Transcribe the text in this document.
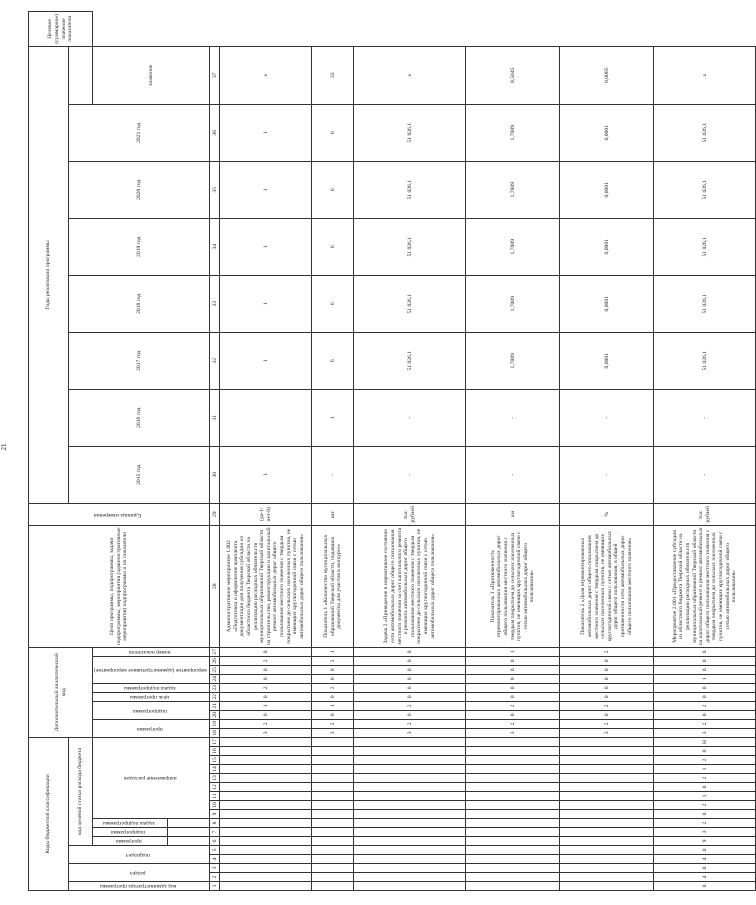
21
Коды бюджетной классификации																	Дополнительный аналитический код										Цели программы, подпрограммы, задачи подпрограммы, мероприятия (административные мероприятия) подпрограммы и их показатели	Единица измерения	Годы реализации программы								Целевое (суммарное) значение показателя
код администратора программы	раздел		подраздел		код целевой статьи расхода бюджета																								2015 год	2016 год	2017 год	2018 год	2019 год	2020 год	2021 год		
					программа	подпрограмма	задача подпрограммы	направление расходов									программа		подпрограмма		цель программы	задача подпрограммы	мероприятие (административное мероприятие)			номер показателя										значение	

1	2	3	4	5	6	7	8	9	10	11	12	13	14	15	16	17	18	19	20	21	22	23	24	25	26	27	28	29	30	31	32	33	34	35	36	37	
																	3	2	0	1	0	2	0	0	2	0	Административное мероприятие 1.002 «Подготовка и оформление комплекта документации для получения субсидии из областного бюджета Тверской области на реализацию расходных обязательств муниципальных образований Тверской области на строительство, реконструкцию и капитальный ремонт автомобильных дорог общего пользования местного значения с твердым покрытием до сельских населенных пунктов, не имеющих круглогодичной связи с сетью автомобильных дорог общего пользования»	(да-1/нет-0)	1		1	1	1	1	1	x	
																	3	2	0	1	0	2	0	0	2	1	Показатель 1 «Количество муниципальных образований Тверской области, подавших документы для участия в конкурсе»	шт.	-	1	6	6	6	6	6	33	
																	3	2	0	2	0	0	0	0	0	0	Задача 2 «Приведение в нормативное состояние сети автомобильных дорог общего пользования местного значения за счет капитального ремонта и ремонта автомобильных дорог общего пользования местного значения с твердым покрытием до сельских населенных пунктов, не имеющих круглогодичной связи с сетью автомобильных дорог общего пользования»	тыс. рублей	-	-	51 026,1	51 026,1	51 026,1	51 026,1	51 026,1	x	
																	3	2	0	2	0	0	0	0	0	1	Показатель 1 «Протяженность отремонтированных автомобильных дорог общего пользования местного значения с твердым покрытием до сельских населенных пунктов, не имеющих круглогодичной связи с сетью автомобильных дорог общего пользования»	км	-	-	1,7009	1,7009	1,7009	1,7009	1,7009	8,5045	
																	3	2	0	2	0	0	0	0	0	2	Показатель 2 «Доля отремонтированных автомобильных дорог общего пользования местного значения с твердым покрытием до сельских населенных пунктов, не имеющих круглогодичной связи с сетью автомобильных дорог общего пользования, в общей протяженности сети автомобильных дорог общего пользования местного значения»	%	-	-	0,0001	0,0001	0,0001	0,0001	0,0001	0,0005	
0	4	0	4	0	9	3	2	0	2	1	0	2	1	2	0	Н	3	2	0	2	0	0	1	0	0	0	Мероприятие 2.001 «Предоставление субсидии из областного бюджета Тверской области на реализацию расходных обязательств муниципальных образований Тверской области на капитальный ремонт и ремонт автомобильных дорог общего пользования местного значения с твердым покрытием до сельских населенных пунктов, не имеющих круглогодичной связи с сетью автомобильных дорог общего пользования»	тыс. рублей	-	-	51 026,1	51 026,1	51 026,1	51 026,1	51 026,1	x	
